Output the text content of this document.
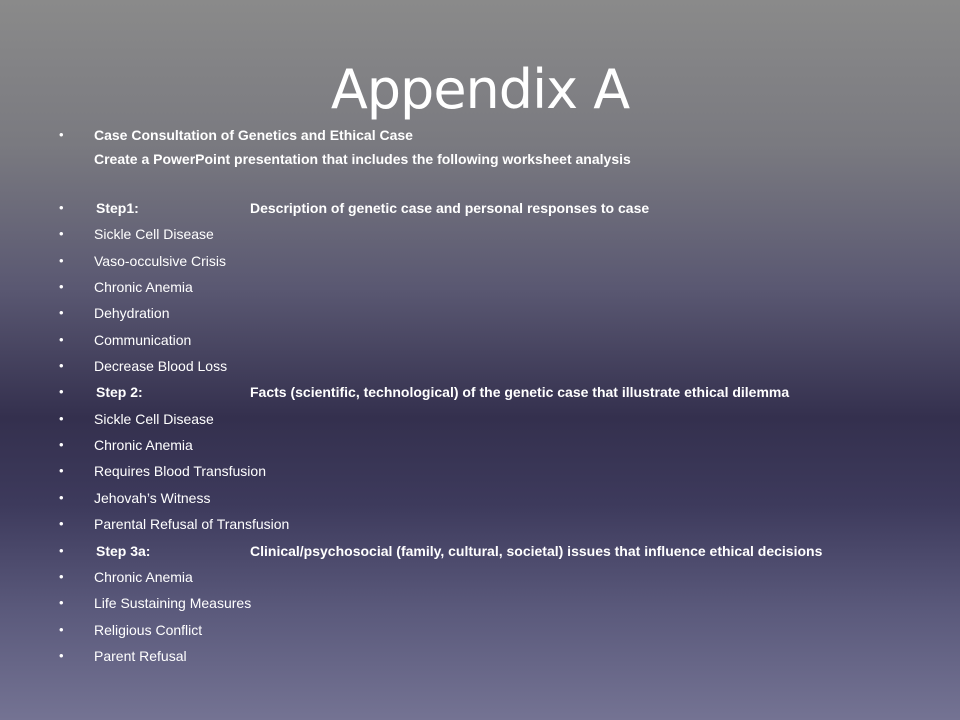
Appendix A
• Case Consultation of Genetics and Ethical Case
Create a PowerPoint presentation that includes the following worksheet analysis
• Step1:	Description of genetic case and personal responses to case
• Sickle Cell Disease
• Vaso-occulsive Crisis
• Chronic Anemia
• Dehydration
• Communication
• Decrease Blood Loss
• Step 2:	Facts (scientific, technological) of the genetic case that illustrate ethical dilemma
• Sickle Cell Disease
• Chronic Anemia
• Requires Blood Transfusion
• Jehovah’s Witness
• Parental Refusal of Transfusion
• Step 3a:	Clinical/psychosocial (family, cultural, societal) issues that influence ethical decisions
• Chronic Anemia
• Life Sustaining Measures
• Religious Conflict
• Parent Refusal
